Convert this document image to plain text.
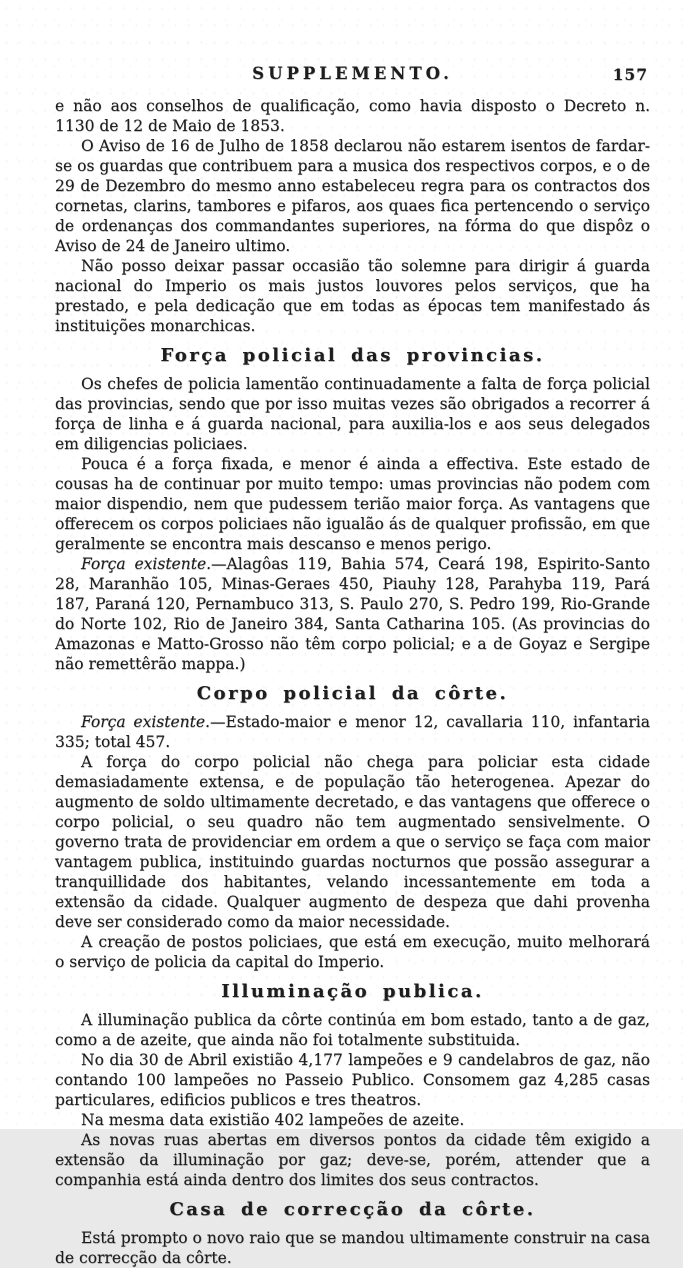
SUPPLEMENTO.	157

e não aos conselhos de qualificação, como havia disposto o Decreto n. 1130 de 12 de Maio de 1853.

O Aviso de 16 de Julho de 1858 declarou não estarem isentos de fardar-se os guardas que contribuem para a musica dos respectivos corpos, e o de 29 de Dezembro do mesmo anno estabeleceu regra para os contractos dos cornetas, clarins, tambores e pifaros, aos quaes fica pertencendo o serviço de ordenanças dos commandantes superiores, na fórma do que dispôz o Aviso de 24 de Janeiro ultimo.

Não posso deixar passar occasião tão solemne para dirigir á guarda nacional do Imperio os mais justos louvores pelos serviços, que ha prestado, e pela dedicação que em todas as épocas tem manifestado ás instituições monarchicas.

Força policial das provincias.

Os chefes de policia lamentão continuadamente a falta de força policial das provincias, sendo que por isso muitas vezes são obrigados a recorrer á força de linha e á guarda nacional, para auxilia-los e aos seus delegados em diligencias policiaes.

Pouca é a força fixada, e menor é ainda a effectiva. Este estado de cousas ha de continuar por muito tempo: umas provincias não podem com maior dispendio, nem que pudessem terião maior força. As vantagens que offerecem os corpos policiaes não igualão ás de qualquer profissão, em que geralmente se encontra mais descanso e menos perigo.

Força existente.—Alagôas 119, Bahia 574, Ceará 198, Espirito-Santo 28, Maranhão 105, Minas-Geraes 450, Piauhy 128, Parahyba 119, Pará 187, Paraná 120, Pernambuco 313, S. Paulo 270, S. Pedro 199, Rio-Grande do Norte 102, Rio de Janeiro 384, Santa Catharina 105. (As provincias do Amazonas e Matto-Grosso não têm corpo policial; e a de Goyaz e Sergipe não remettêrão mappa.)

Corpo policial da côrte.

Força existente.—Estado-maior e menor 12, cavallaria 110, infantaria 335; total 457.

A força do corpo policial não chega para policiar esta cidade demasiadamente extensa, e de população tão heterogenea. Apezar do augmento de soldo ultimamente decretado, e das vantagens que offerece o corpo policial, o seu quadro não tem augmentado sensivelmente. O governo trata de providenciar em ordem a que o serviço se faça com maior vantagem publica, instituindo guardas nocturnos que possão assegurar a tranquillidade dos habitantes, velando incessantemente em toda a extensão da cidade. Qualquer augmento de despeza que dahi provenha deve ser considerado como da maior necessidade.

A creação de postos policiaes, que está em execução, muito melhorará o serviço de policia da capital do Imperio.

Illuminação publica.

A illuminação publica da côrte continúa em bom estado, tanto a de gaz, como a de azeite, que ainda não foi totalmente substituida.

No dia 30 de Abril existião 4,177 lampeões e 9 candelabros de gaz, não contando 100 lampeões no Passeio Publico. Consomem gaz 4,285 casas particulares, edificios publicos e tres theatros.

Na mesma data existião 402 lampeões de azeite.

As novas ruas abertas em diversos pontos da cidade têm exigido a extensão da illuminação por gaz; deve-se, porém, attender que a companhia está ainda dentro dos limites dos seus contractos.

Casa de correcção da côrte.

Está prompto o novo raio que se mandou ultimamente construir na casa de correcção da côrte.
